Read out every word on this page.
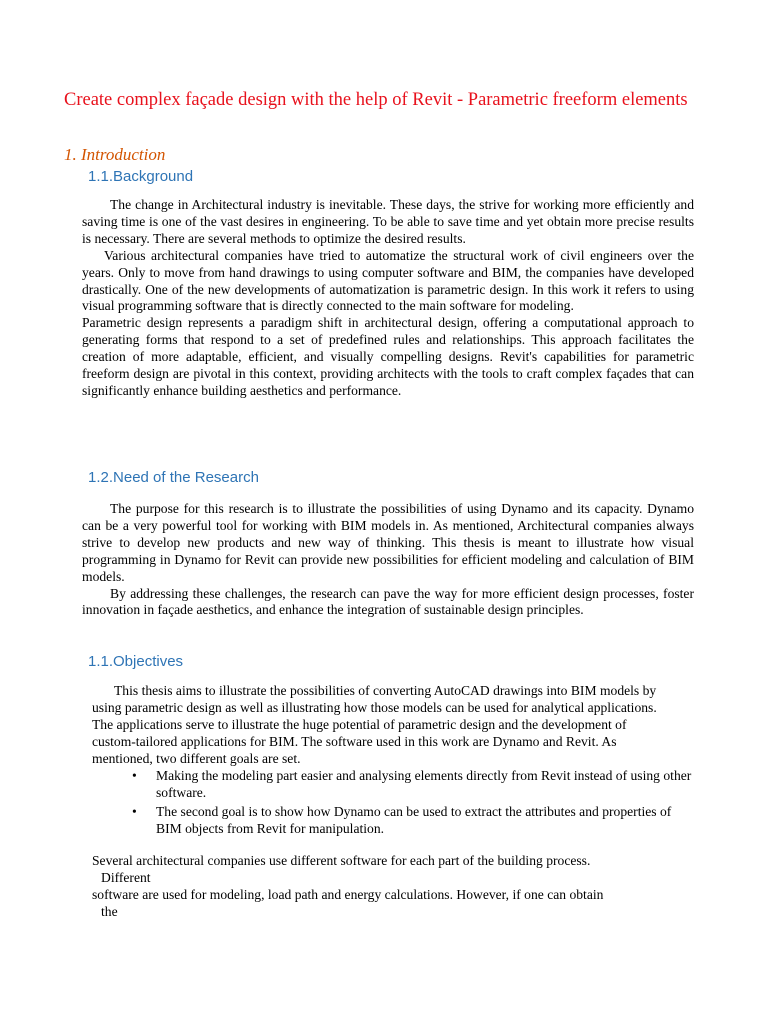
Create complex façade design with the help of Revit - Parametric freeform elements
1. Introduction
1.1.Background

The change in Architectural industry is inevitable. These days, the strive for working more efficiently and saving time is one of the vast desires in engineering. To be able to save time and yet obtain more precise results is necessary. There are several methods to optimize the desired results.

Various architectural companies have tried to automatize the structural work of civil engineers over the years. Only to move from hand drawings to using computer software and BIM, the companies have developed drastically. One of the new developments of automatization is parametric design. In this work it refers to using visual programming software that is directly connected to the main software for modeling.

Parametric design represents a paradigm shift in architectural design, offering a computational approach to generating forms that respond to a set of predefined rules and relationships. This approach facilitates the creation of more adaptable, efficient, and visually compelling designs. Revit's capabilities for parametric freeform design are pivotal in this context, providing architects with the tools to craft complex façades that can significantly enhance building aesthetics and performance.

1.2.Need of the Research

The purpose for this research is to illustrate the possibilities of using Dynamo and its capacity. Dynamo can be a very powerful tool for working with BIM models in. As mentioned, Architectural companies always strive to develop new products and new way of thinking. This thesis is meant to illustrate how visual programming in Dynamo for Revit can provide new possibilities for efficient modeling and calculation of BIM models.

By addressing these challenges, the research can pave the way for more efficient design processes, foster innovation in façade aesthetics, and enhance the integration of sustainable design principles.

1.1.Objectives

This thesis aims to illustrate the possibilities of converting AutoCAD drawings into BIM models by using parametric design as well as illustrating how those models can be used for analytical applications. The applications serve to illustrate the huge potential of parametric design and the development of custom-tailored applications for BIM. The software used in this work are Dynamo and Revit. As mentioned, two different goals are set.

• Making the modeling part easier and analysing elements directly from Revit instead of using other software.
• The second goal is to show how Dynamo can be used to extract the attributes and properties of BIM objects from Revit for manipulation.
Several architectural companies use different software for each part of the building process.
Different
software are used for modeling, load path and energy calculations. However, if one can obtain
the
